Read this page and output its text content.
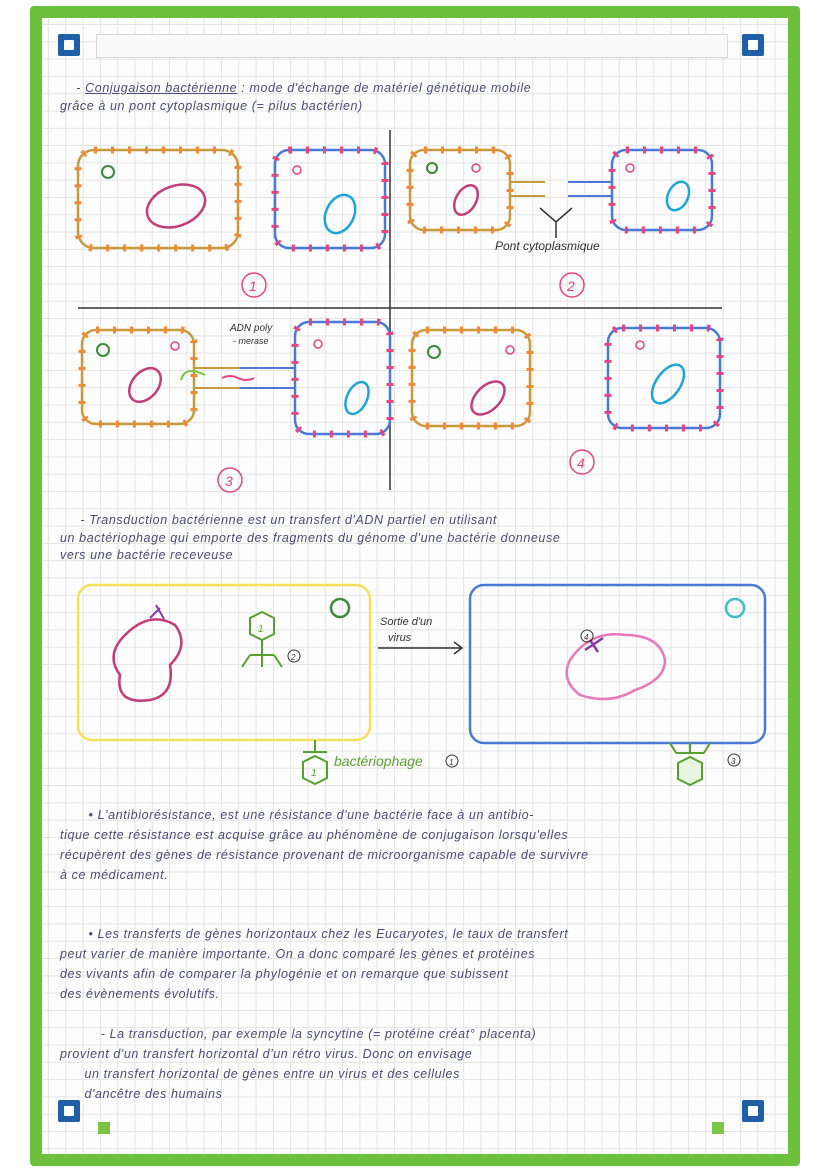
- Conjugaison bactérienne : mode d'échange de matériel génétique mobile
grâce à un pont cytoplasmique (= pilus bactérien)

1
Pont cytoplasmique
2
ADN poly
- merase
3
4
1
2
Sortie d'un
virus	4
1
bactériophage	1	3

- Transduction bactérienne est un transfert d'ADN partiel en utilisant
un bactériophage qui emporte des fragments du génome d'une bactérie donneuse
vers une bactérie receveuse

• L'antibiorésistance, est une résistance d'une bactérie face à un antibio-
tique cette résistance est acquise grâce au phénomène de conjugaison lorsqu'elles
récupèrent des gènes de résistance provenant de microorganisme capable de survivre
à ce médicament.

• Les transferts de gènes horizontaux chez les Eucaryotes, le taux de transfert
peut varier de manière importante. On a donc comparé les gènes et protéines
des vivants afin de comparer la phylogénie et on remarque que subissent
des évènements évolutifs.

- La transduction, par exemple la syncytine (= protéine créat° placenta)
provient d'un transfert horizontal d'un rétro virus. Donc on envisage
un transfert horizontal de gènes entre un virus et des cellules
d'ancêtre des humains
